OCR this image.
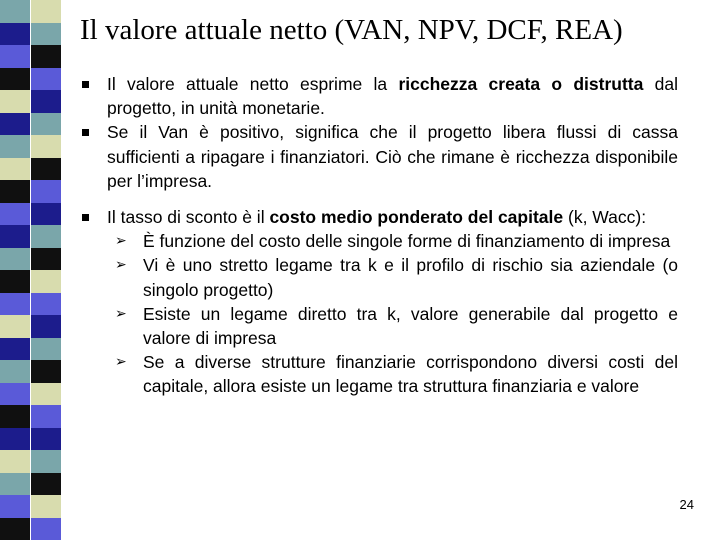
Il valore attuale netto (VAN, NPV, DCF, REA)
Il valore attuale netto esprime la ricchezza creata o distrutta dal progetto, in unità monetarie.
Se il Van è positivo, significa che il progetto libera flussi di cassa sufficienti a ripagare i finanziatori. Ciò che rimane è ricchezza disponibile per l’impresa.
Il tasso di sconto è il costo medio ponderato del capitale (k, Wacc):
➢ È funzione del costo delle singole forme di finanziamento di impresa
➢ Vi è uno stretto legame tra k e il profilo di rischio sia aziendale (o singolo progetto)
➢ Esiste un legame diretto tra k, valore generabile dal progetto e valore di impresa
➢ Se a diverse strutture finanziarie corrispondono diversi costi del capitale, allora esiste un legame tra struttura finanziaria e valore
24
